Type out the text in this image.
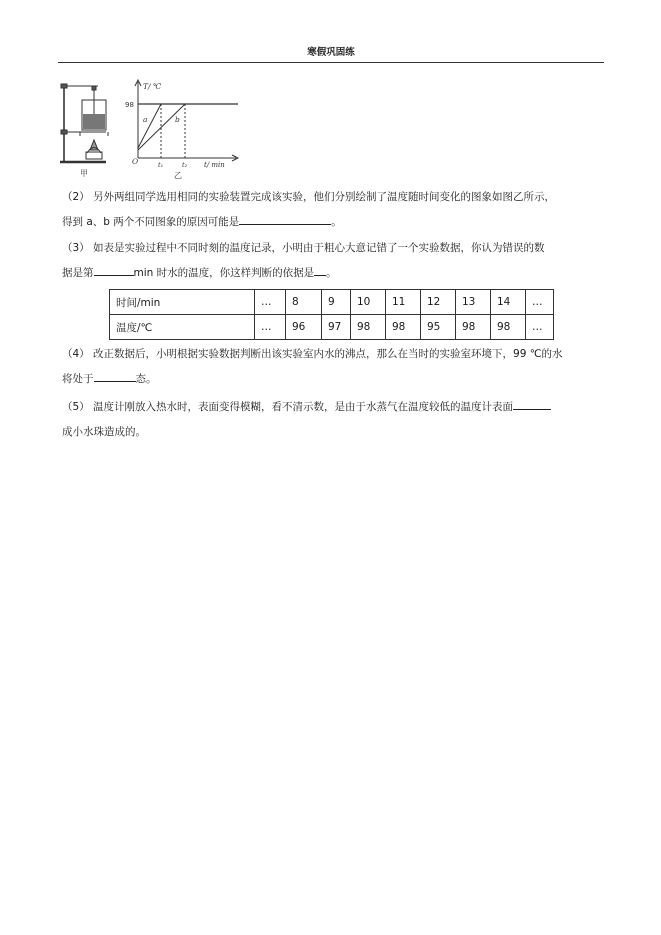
寒假巩固练
甲
T/ ℃
98
a	b
O	t₁	t₂ t/ min
乙
（2） 另外两组同学选用相同的实验装置完成该实验，他们分别绘制了温度随时间变化的图象如图乙所示，
得到 a、b 两个不同图象的原因可能是	。
（3） 如表是实验过程中不同时刻的温度记录，小明由于粗心大意记错了一个实验数据，你认为错误的数
据是第	min 时水的温度，你这样判断的依据是 。
时间/min	…	8	9	10	11	12	13	14	…
温度/℃	…	96	97	98	98	95	98	98	…
（4） 改正数据后，小明根据实验数据判断出该实验室内水的沸点，那么在当时的实验室环境下，99 ℃的水
将处于	态。
（5） 温度计刚放入热水时，表面变得模糊，看不清示数，是由于水蒸气在温度较低的温度计表面
成小水珠造成的。
